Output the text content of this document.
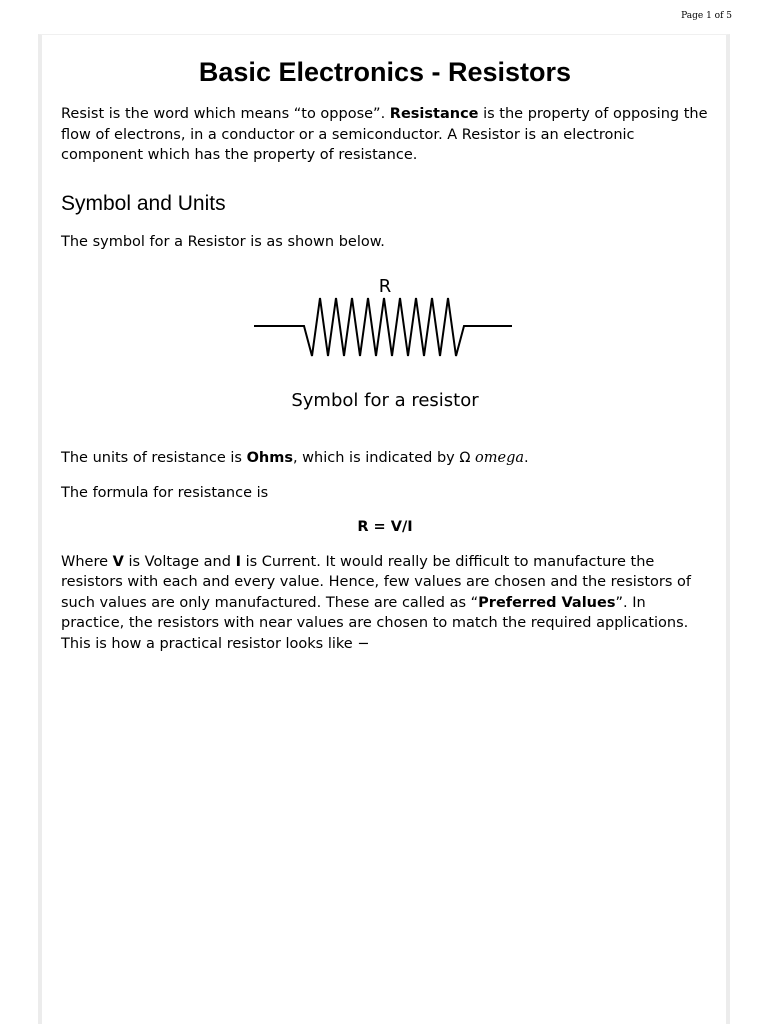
Page 1 of 5
Basic Electronics - Resistors

Resist is the word which means “to oppose”. Resistance is the property of opposing the flow of electrons, in a conductor or a semiconductor. A Resistor is an electronic component which has the property of resistance.

Symbol and Units

The symbol for a Resistor is as shown below.

R
Symbol for a resistor

The units of resistance is Ohms, which is indicated by Ω omega.

The formula for resistance is

R = V/I

Where V is Voltage and I is Current. It would really be difficult to manufacture the resistors with each and every value. Hence, few values are chosen and the resistors of such values are only manufactured. These are called as “Preferred Values”. In practice, the resistors with near values are chosen to match the required applications. This is how a practical resistor looks like −
